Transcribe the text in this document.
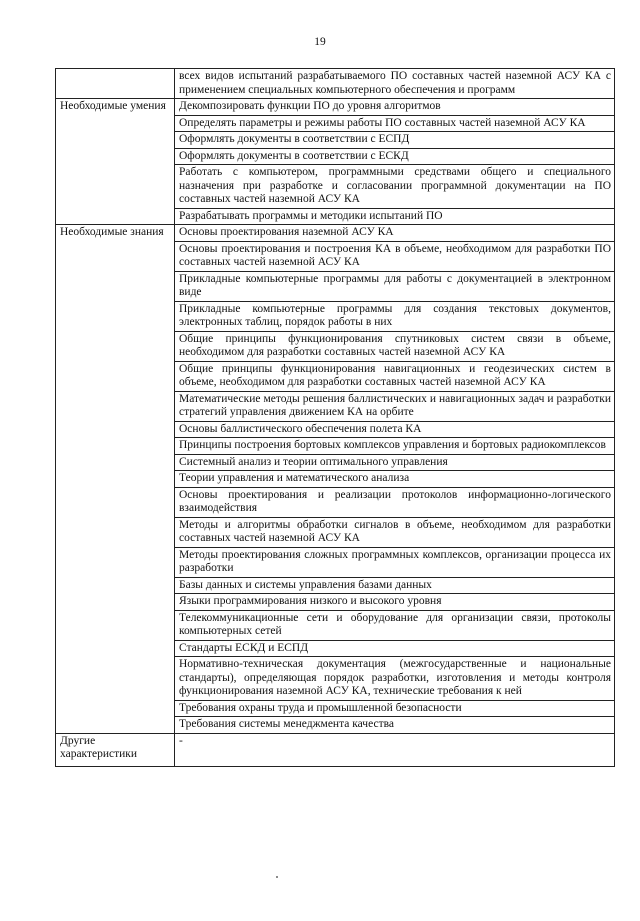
19
	всех видов испытаний разрабатываемого ПО составных частей наземной АСУ КА с применением специальных компьютерного обеспечения и программ
Необходимые умения	Декомпозировать функции ПО до уровня алгоритмов
	Определять параметры и режимы работы ПО составных частей наземной АСУ КА
	Оформлять документы в соответствии с ЕСПД
	Оформлять документы в соответствии с ЕСКД
	Работать с компьютером, программными средствами общего и специального назначения при разработке и согласовании программной документации на ПО составных частей наземной АСУ КА
	Разрабатывать программы и методики испытаний ПО
Необходимые знания	Основы проектирования наземной АСУ КА
	Основы проектирования и построения КА в объеме, необходимом для разработки ПО составных частей наземной АСУ КА
	Прикладные компьютерные программы для работы с документацией в электронном виде
	Прикладные компьютерные программы для создания текстовых документов, электронных таблиц, порядок работы в них
	Общие принципы функционирования спутниковых систем связи в объеме, необходимом для разработки составных частей наземной АСУ КА
	Общие принципы функционирования навигационных и геодезических систем в объеме, необходимом для разработки составных частей наземной АСУ КА
	Математические методы решения баллистических и навигационных задач и разработки стратегий управления движением КА на орбите
	Основы баллистического обеспечения полета КА
	Принципы построения бортовых комплексов управления и бортовых радиокомплексов
	Системный анализ и теории оптимального управления
	Теории управления и математического анализа
	Основы проектирования и реализации протоколов информационно-логического взаимодействия
	Методы и алгоритмы обработки сигналов в объеме, необходимом для разработки составных частей наземной АСУ КА
	Методы проектирования сложных программных комплексов, организации процесса их разработки
	Базы данных и системы управления базами данных
	Языки программирования низкого и высокого уровня
	Телекоммуникационные сети и оборудование для организации связи, протоколы компьютерных сетей
	Стандарты ЕСКД и ЕСПД
	Нормативно-техническая документация (межгосударственные и национальные стандарты), определяющая порядок разработки, изготовления и методы контроля функционирования наземной АСУ КА, технические требования к ней
	Требования охраны труда и промышленной безопасности
	Требования системы менеджмента качества
Другие характеристики	-
